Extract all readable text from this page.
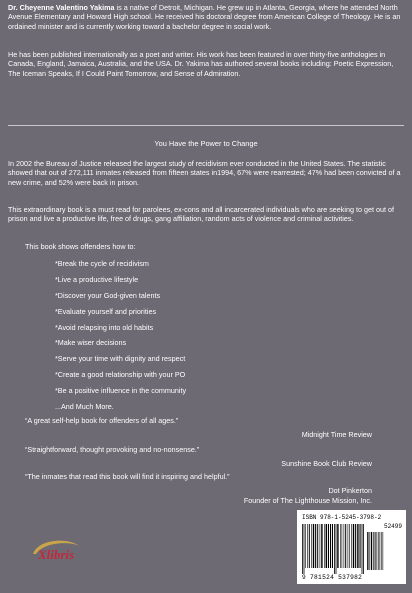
Dr. Cheyenne Valentino Yakima is a native of Detroit, Michigan. He grew up in Atlanta, Georgia, where he attended North Avenue Elementary and Howard High school. He received his doctoral degree from American College of Theology. He is an ordained minister and is currently working toward a bachelor degree in social work.
He has been published internationally as a poet and writer. His work has been featured in over thirty-five anthologies in Canada, England, Jamaica, Australia, and the USA. Dr. Yakima has authored several books including: Poetic Expression, The Iceman Speaks, If I Could Paint Tomorrow, and Sense of Admiration.
You Have the Power to Change
In 2002 the Bureau of Justice released the largest study of recidivism ever conducted in the United States. The statistic showed that out of 272,111 inmates released from fifteen states in1994, 67% were rearrested; 47% had been convicted of a new crime, and 52% were back in prison.
This extraordinary book is a must read for parolees, ex-cons and all incarcerated individuals who are seeking to get out of prison and live a productive life, free of drugs, gang affiliation, random acts of violence and criminal activities.
This book shows offenders how to:
*Break the cycle of recidivism
*Live a productive lifestyle
*Discover your God-given talents
*Evaluate yourself and priorities
*Avoid relapsing into old habits
*Make wiser decisions
*Serve your time with dignity and respect
*Create a good relationship with your PO
*Be a positive influence in the community
...And Much More.
“A great self-help book for offenders of all ages.”
Midnight Time Review
“Straightforward, thought provoking and no-nonsense.”
Sunshine Book Club Review
“The inmates that read this book will find it inspiring and helpful.”
Dot Pinkerton
Founder of The Lighthouse Mission, Inc.
Xlibris
ISBN 978-1-5245-3798-2
52499
9 781524 537982
